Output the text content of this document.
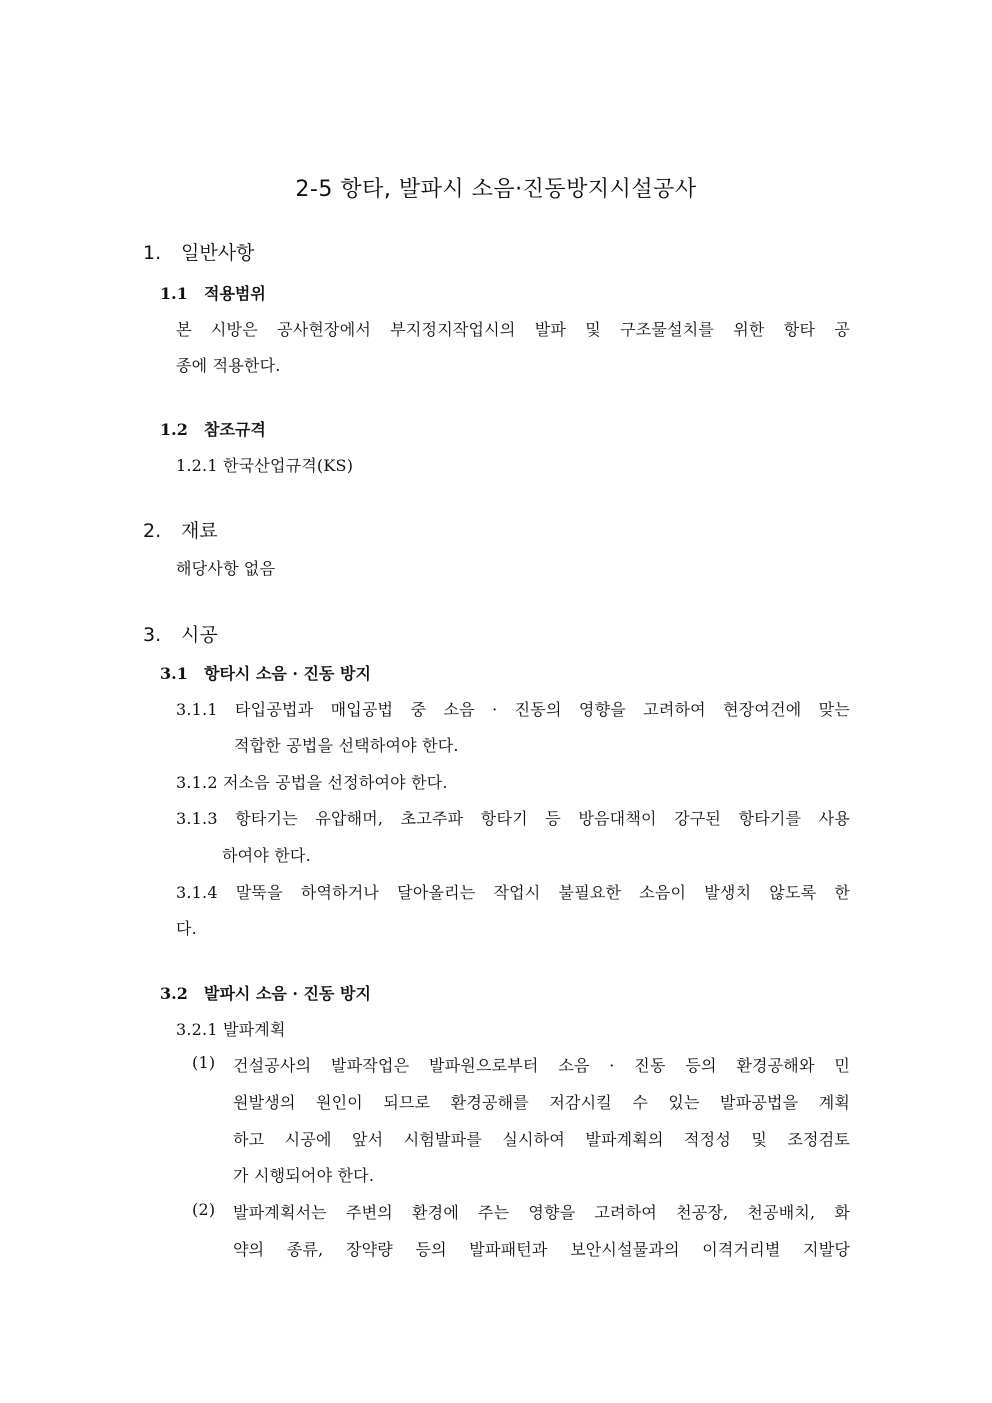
2-5 항타, 발파시 소음·진동방지시설공사
1. 일반사항
1.1 적용범위
본 시방은 공사현장에서 부지정지작업시의 발파 및 구조물설치를 위한 항타 공
종에 적용한다.
1.2 참조규격
1.2.1 한국산업규격(KS)
2. 재료
해당사항 없음
3. 시공
3.1 항타시 소음 · 진동 방지
3.1.1 타입공법과 매입공법 중 소음 · 진동의 영향을 고려하여 현장여건에 맞는
적합한 공법을 선택하여야 한다.
3.1.2 저소음 공법을 선정하여야 한다.
3.1.3 항타기는 유압해머, 초고주파 항타기 등 방음대책이 강구된 항타기를 사용
하여야 한다.
3.1.4 말뚝을 하역하거나 달아올리는 작업시 불필요한 소음이 발생치 않도록 한
다.
3.2 발파시 소음 · 진동 방지
3.2.1 발파계획
(1) 건설공사의 발파작업은 발파원으로부터 소음 · 진동 등의 환경공해와 민
원발생의 원인이 되므로 환경공해를 저감시킬 수 있는 발파공법을 계획
하고 시공에 앞서 시험발파를 실시하여 발파계획의 적정성 및 조정검토
가 시행되어야 한다.
(2) 발파계획서는 주변의 환경에 주는 영향을 고려하여 천공장, 천공배치, 화
약의 종류, 장약량 등의 발파패턴과 보안시설물과의 이격거리별 지발당
